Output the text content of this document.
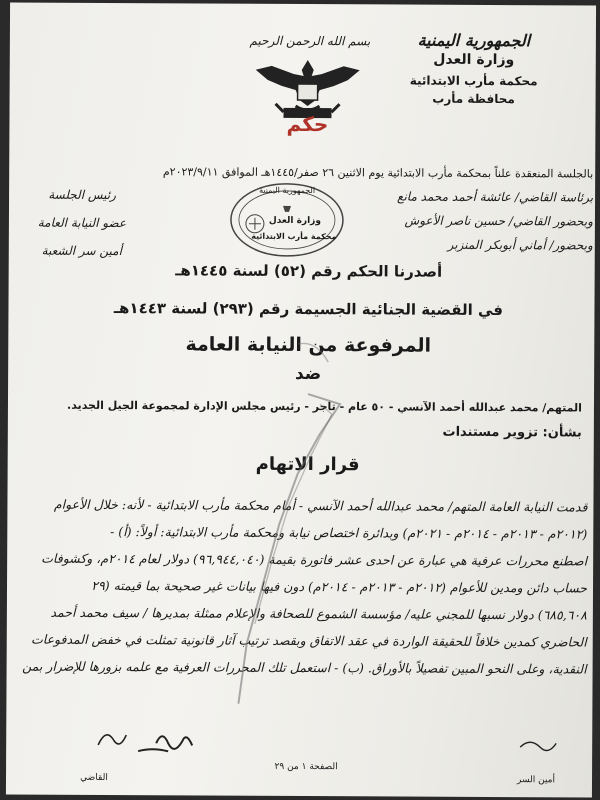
الجمهورية اليمنية
وزارة العدل
محكمة مأرب الابتدائية
محافظة مأرب
بسم الله الرحمن الرحيم
حكم
بالجلسة المنعقدة علناً بمحكمة مأرب الابتدائية يوم الاثنين ٢٦ صفر/١٤٤٥هـ الموافق ٢٠٢٣/٩/١١م
برئاسة القاضي/ عائشة أحمد محمد مانع
وبحضور القاضي/ حسين ناصر الأعوش
وبحضور/ أماني أبوبكر المنزبر
رئيس الجلسة
عضو النيابة العامة
أمين سر الشعبة
الجمهورية اليمنية
وزارة العدل
محكمة مأرب الابتدائية
أصدرنا الحكم رقم (٥٢) لسنة ١٤٤٥هـ
في القضية الجنائية الجسيمة رقم (٢٩٣) لسنة ١٤٤٣هـ
المرفوعة من النيابة العامة
ضد
المتهم/ محمد عبدالله أحمد الآنسي - ٥٠ عام - تاجر - رئيس مجلس الإدارة لمجموعة الجيل الجديد.
بشأن: تزوير مستندات
قرار الاتهام

قدمت النيابة العامة المتهم/ محمد عبدالله أحمد الآنسي - أمام محكمة مأرب الابتدائية - لأنه: خلال الأعوام

(٢٠١٢م - ٢٠١٣م - ٢٠١٤م - ٢٠٢١م) وبدائرة اختصاص نيابة ومحكمة مأرب الابتدائية: أولاً: (أ) -

اصطنع محررات عرفية هي عبارة عن احدى عشر فاتورة بقيمة (٩٦,٩٤٤,٠٤٠) دولار لعام ٢٠١٤م، وكشوفات

حساب دائن ومدين للأعوام (٢٠١٢م - ٢٠١٣م - ٢٠١٤م) دون فيها بيانات غير صحيحة بما قيمته (٢٩

٦٨٥,٦٠٨) دولار نسبها للمجني عليه/ مؤسسة الشموع للصحافة والإعلام ممثلة بمديرها / سيف محمد أحمد

الحاضري كمدين خلافاً للحقيقة الواردة في عقد الاتفاق وبقصد ترتيب آثار قانونية تمثلت في خفض المدفوعات

النقدية، وعلى النحو المبين تفصيلاً بالأوراق. (ب) - استعمل تلك المحررات العرفية مع علمه بزورها للإضرار بمن

الصفحة ١ من ٢٩
أمين السر
القاضي
